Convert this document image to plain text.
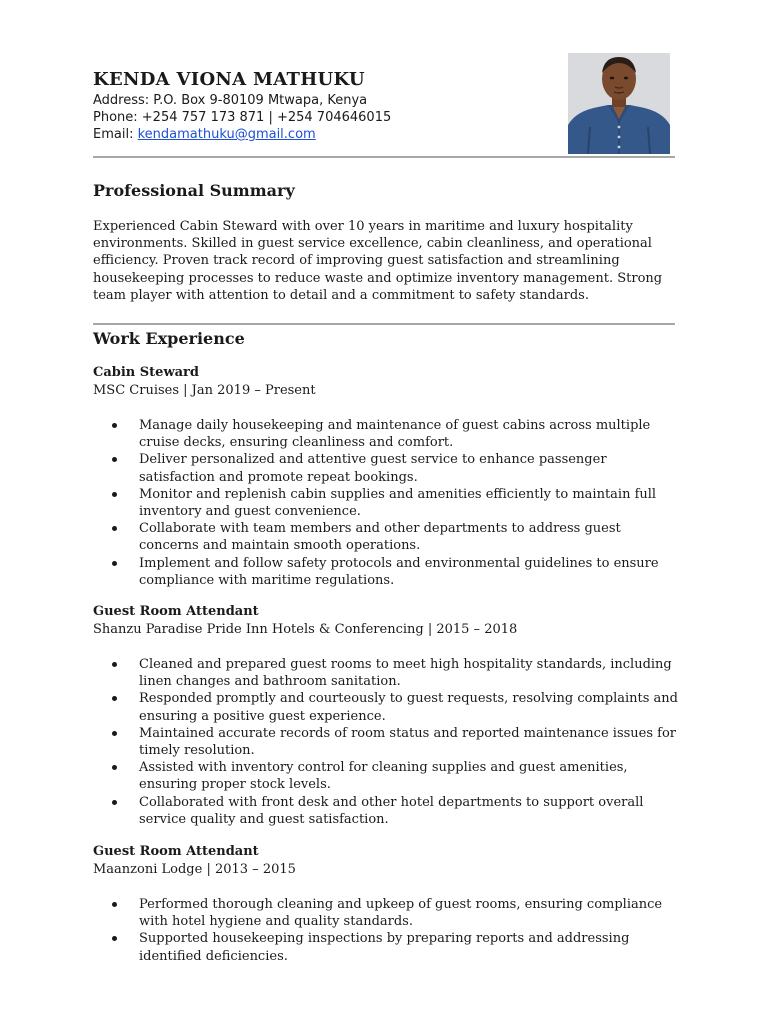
KENDA VIONA MATHUKU

Address: P.O. Box 9-80109 Mtwapa, Kenya

Phone: +254 757 173 871 | +254 704646015

Email: kendamathuku@gmail.com

Professional Summary

Experienced Cabin Steward with over 10 years in maritime and luxury hospitality environments. Skilled in guest service excellence, cabin cleanliness, and operational efficiency. Proven track record of improving guest satisfaction and streamlining housekeeping processes to reduce waste and optimize inventory management. Strong team player with attention to detail and a commitment to safety standards.

Work Experience

Cabin Steward

MSC Cruises | Jan 2019 – Present

Manage daily housekeeping and maintenance of guest cabins across multiple cruise decks, ensuring cleanliness and comfort.
Deliver personalized and attentive guest service to enhance passenger satisfaction and promote repeat bookings.
Monitor and replenish cabin supplies and amenities efficiently to maintain full inventory and guest convenience.
Collaborate with team members and other departments to address guest concerns and maintain smooth operations.
Implement and follow safety protocols and environmental guidelines to ensure compliance with maritime regulations.

Guest Room Attendant

Shanzu Paradise Pride Inn Hotels & Conferencing | 2015 – 2018

Cleaned and prepared guest rooms to meet high hospitality standards, including linen changes and bathroom sanitation.
Responded promptly and courteously to guest requests, resolving complaints and ensuring a positive guest experience.
Maintained accurate records of room status and reported maintenance issues for timely resolution.
Assisted with inventory control for cleaning supplies and guest amenities, ensuring proper stock levels.
Collaborated with front desk and other hotel departments to support overall service quality and guest satisfaction.

Guest Room Attendant

Maanzoni Lodge | 2013 – 2015

Performed thorough cleaning and upkeep of guest rooms, ensuring compliance with hotel hygiene and quality standards.
Supported housekeeping inspections by preparing reports and addressing identified deficiencies.
